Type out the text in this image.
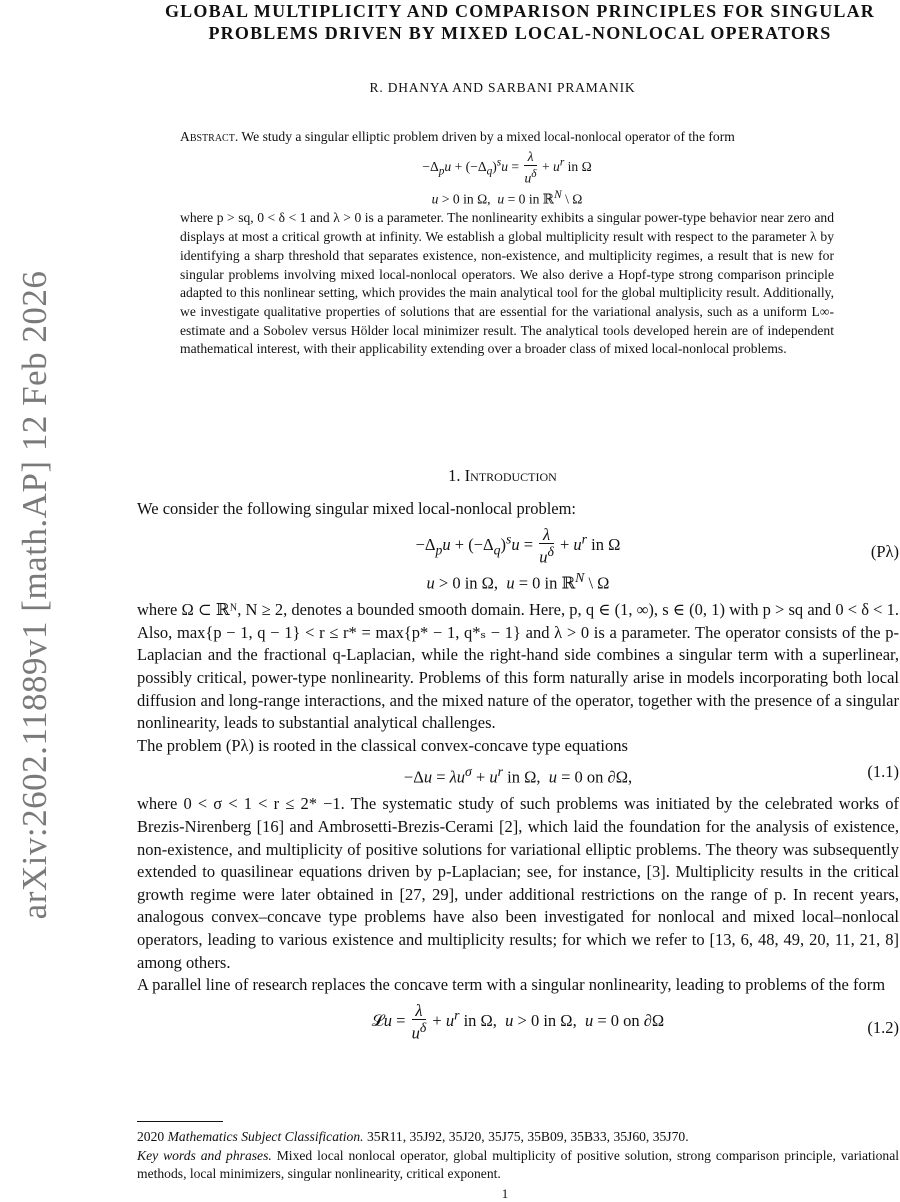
arXiv:2602.11889v1 [math.AP] 12 Feb 2026
GLOBAL MULTIPLICITY AND COMPARISON PRINCIPLES FOR SINGULAR
PROBLEMS DRIVEN BY MIXED LOCAL-NONLOCAL OPERATORS
R. DHANYA AND SARBANI PRAMANIK
Abstract. We study a singular elliptic problem driven by a mixed local-nonlocal operator of the form
$-\Delta_pu + (-\Delta_q)^su = \frac{\lambda}{u^\delta} + u^r$ in Ω
u > 0 in Ω,  u = 0 in ℝ$^N$ \ Ω
where p > sq, 0 < δ < 1 and λ > 0 is a parameter. The nonlinearity exhibits a singular power-type behavior near zero and displays at most a critical growth at infinity. We establish a global multiplicity result with respect to the parameter λ by identifying a sharp threshold that separates existence, non-existence, and multiplicity regimes, a result that is new for singular problems involving mixed local-nonlocal operators. We also derive a Hopf-type strong comparison principle adapted to this nonlinear setting, which provides the main analytical tool for the global multiplicity result. Additionally, we investigate qualitative properties of solutions that are essential for the variational analysis, such as a uniform L∞-estimate and a Sobolev versus Hölder local minimizer result. The analytical tools developed herein are of independent mathematical interest, with their applicability extending over a broader class of mixed local-nonlocal problems.
1. Introduction

We consider the following singular mixed local-nonlocal problem:

$-\Delta_pu + (-\Delta_q)^su = \frac{\lambda}{u^\delta} + u^r$ in Ω	(Pλ)
u > 0 in Ω,  u = 0 in ℝ$^N$ \ Ω

where Ω ⊂ ℝᴺ, N ≥ 2, denotes a bounded smooth domain. Here, p, q ∈ (1, ∞), s ∈ (0, 1) with p > sq and 0 < δ < 1. Also, max{p − 1, q − 1} < r ≤ r* = max{p* − 1, q*ₛ − 1} and λ > 0 is a parameter. The operator consists of the p-Laplacian and the fractional q-Laplacian, while the right-hand side combines a singular term with a superlinear, possibly critical, power-type nonlinearity. Problems of this form naturally arise in models incorporating both local diffusion and long-range interactions, and the mixed nature of the operator, together with the presence of a singular nonlinearity, leads to substantial analytical challenges.

The problem (Pλ) is rooted in the classical convex-concave type equations

$-\Delta u = \lambda u^\sigma + u^r$ in Ω,  u = 0 on ∂Ω,	(1.1)

where 0 < σ < 1 < r ≤ 2* −1. The systematic study of such problems was initiated by the celebrated works of Brezis-Nirenberg [16] and Ambrosetti-Brezis-Cerami [2], which laid the foundation for the analysis of existence, non-existence, and multiplicity of positive solutions for variational elliptic problems. The theory was subsequently extended to quasilinear equations driven by p-Laplacian; see, for instance, [3]. Multiplicity results in the critical growth regime were later obtained in [27, 29], under additional restrictions on the range of p. In recent years, analogous convex–concave type problems have also been investigated for nonlocal and mixed local–nonlocal operators, leading to various existence and multiplicity results; for which we refer to [13, 6, 48, 49, 20, 11, 21, 8] among others.

A parallel line of research replaces the concave term with a singular nonlinearity, leading to problems of the form

𝓛u = $\frac{\lambda}{u^\delta} + u^r$ in Ω,  u > 0 in Ω,  u = 0 on ∂Ω	(1.2)

2020 Mathematics Subject Classification. 35R11, 35J92, 35J20, 35J75, 35B09, 35B33, 35J60, 35J70.

Key words and phrases. Mixed local nonlocal operator, global multiplicity of positive solution, strong comparison principle, variational methods, local minimizers, singular nonlinearity, critical exponent.

1
